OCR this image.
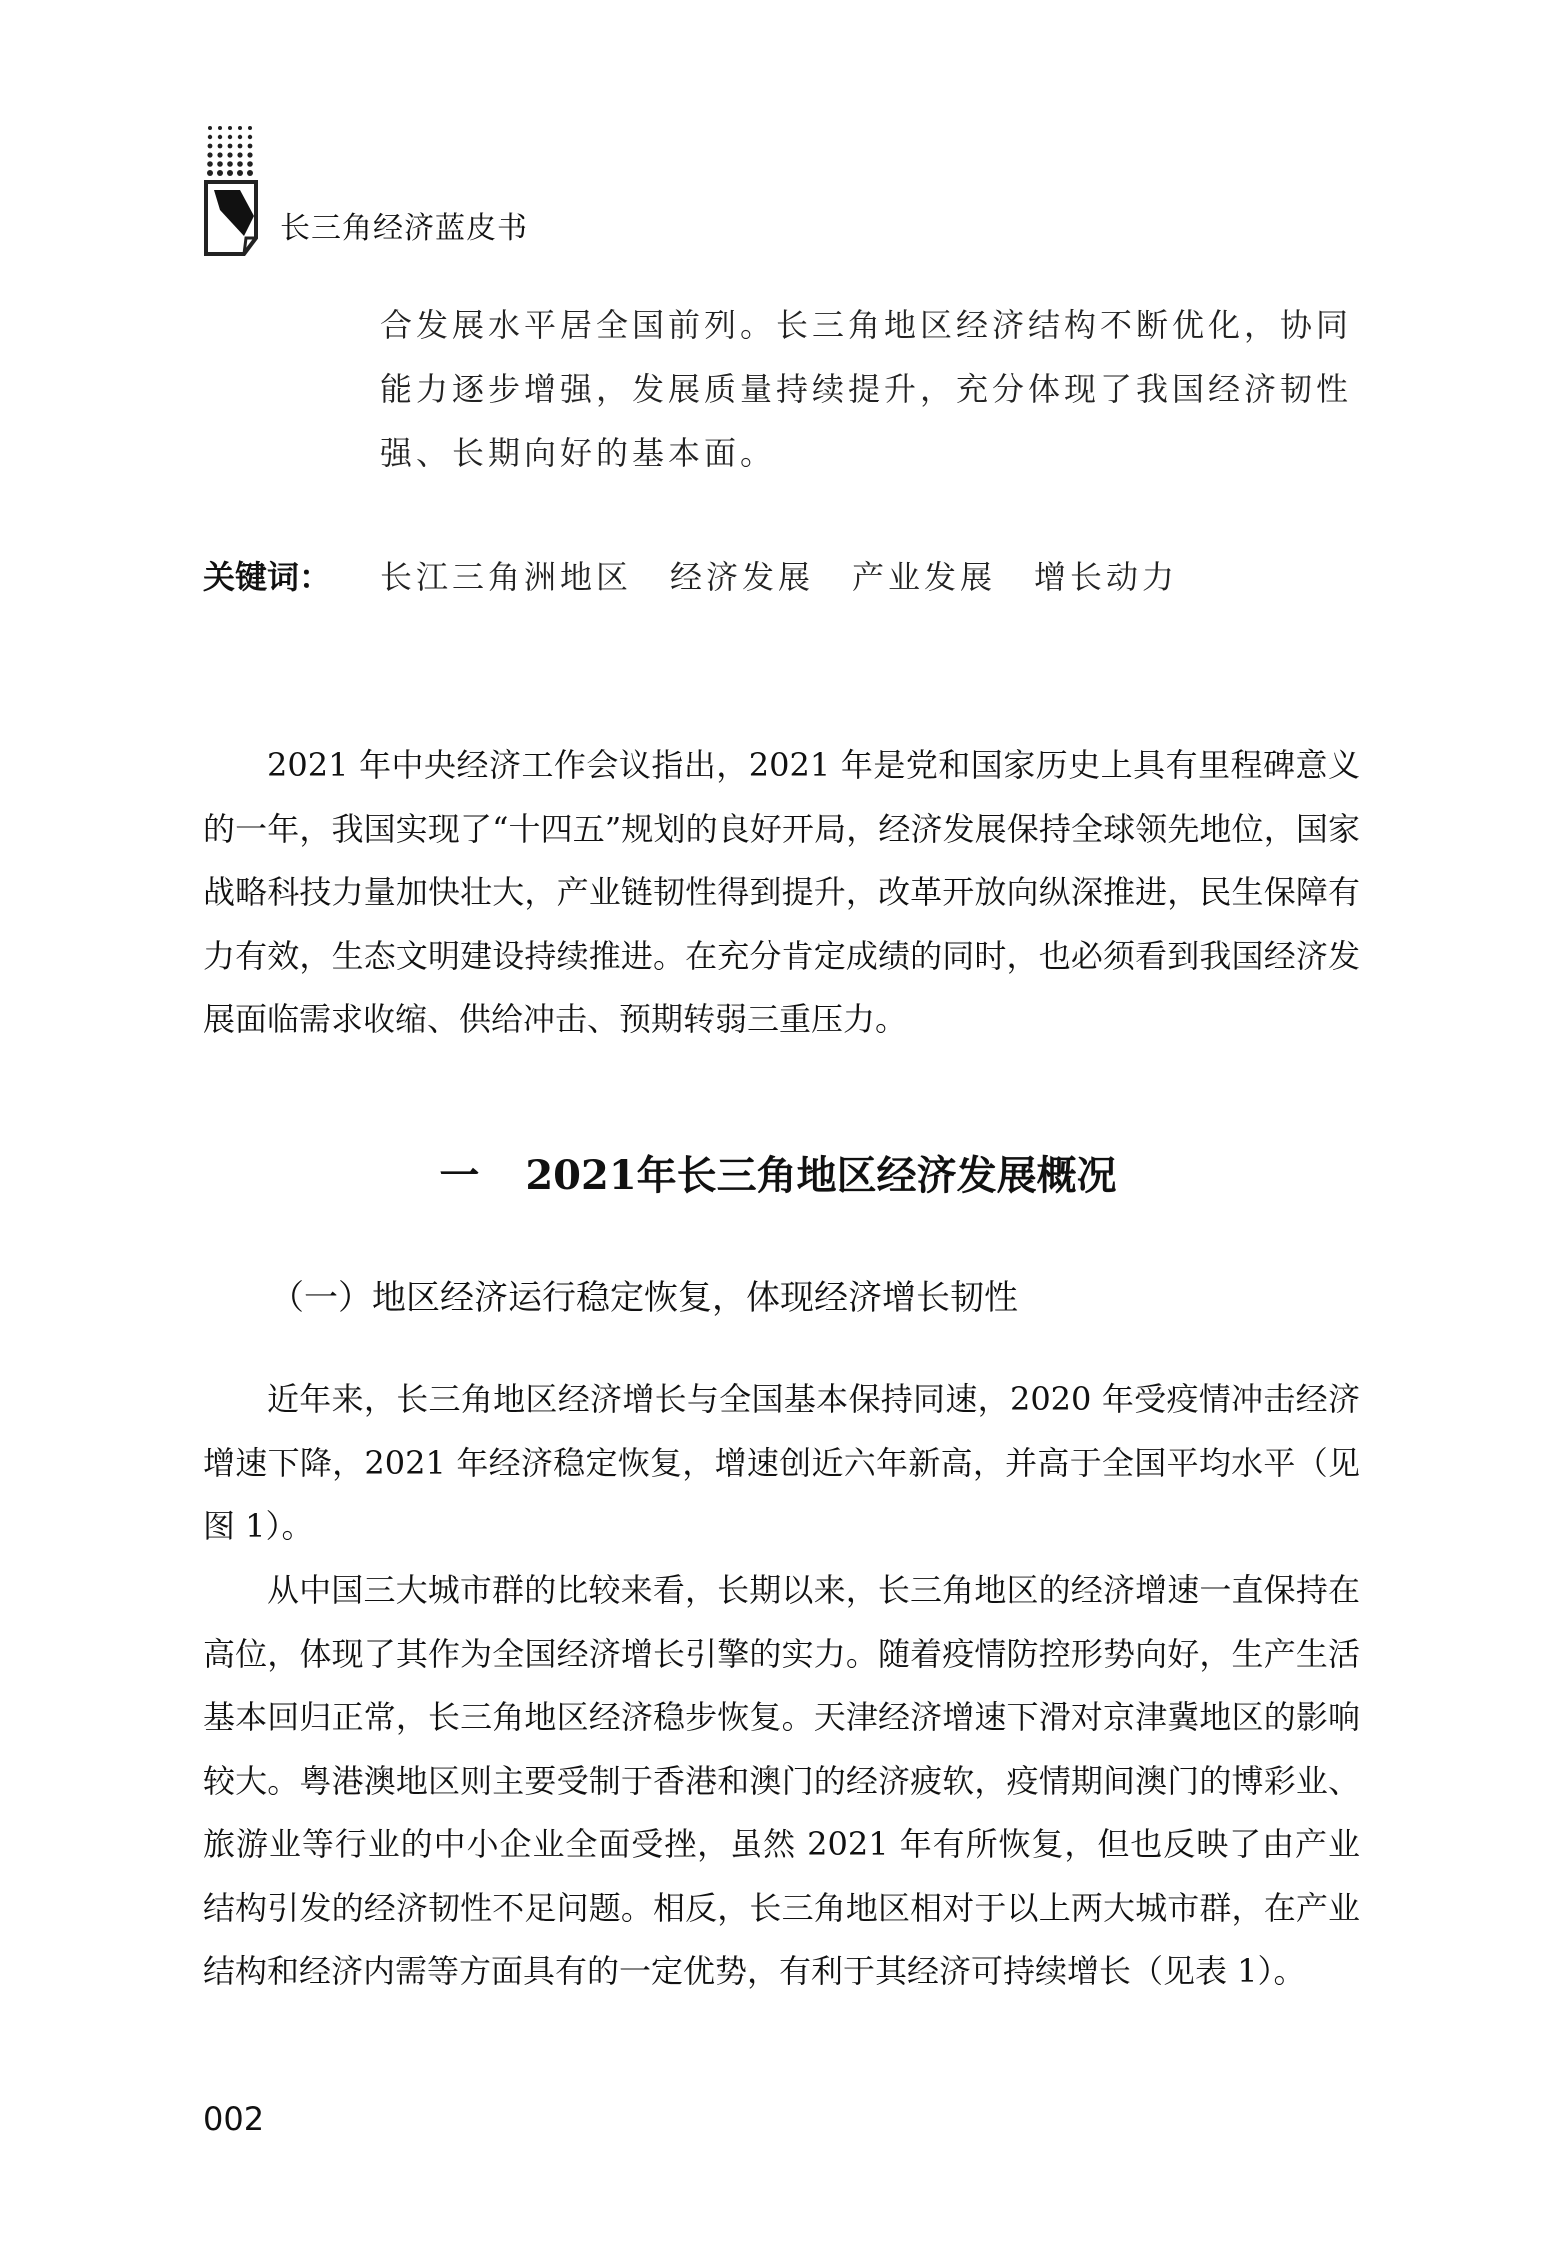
长三角经济蓝皮书
合发展水平居全国前列。长三角地区经济结构不断优化，协同能力逐步增强，发展质量持续提升，充分体现了我国经济韧性强、长期向好的基本面。
关键词： 长江三角洲地区 经济发展 产业发展 增长动力

2021 年中央经济工作会议指出，2021 年是党和国家历史上具有里程碑意义的一年，我国实现了“十四五”规划的良好开局，经济发展保持全球领先地位，国家战略科技力量加快壮大，产业链韧性得到提升，改革开放向纵深推进，民生保障有力有效，生态文明建设持续推进。在充分肯定成绩的同时，也必须看到我国经济发展面临需求收缩、供给冲击、预期转弱三重压力。

一 2021年长三角地区经济发展概况
（一）地区经济运行稳定恢复，体现经济增长韧性

近年来，长三角地区经济增长与全国基本保持同速，2020 年受疫情冲击经济增速下降，2021 年经济稳定恢复，增速创近六年新高，并高于全国平均水平（见图 1）。

从中国三大城市群的比较来看，长期以来，长三角地区的经济增速一直保持在高位，体现了其作为全国经济增长引擎的实力。随着疫情防控形势向好，生产生活基本回归正常，长三角地区经济稳步恢复。天津经济增速下滑对京津冀地区的影响较大。粤港澳地区则主要受制于香港和澳门的经济疲软，疫情期间澳门的博彩业、旅游业等行业的中小企业全面受挫，虽然 2021 年有所恢复，但也反映了由产业结构引发的经济韧性不足问题。相反，长三角地区相对于以上两大城市群，在产业结构和经济内需等方面具有的一定优势，有利于其经济可持续增长（见表 1）。

002
